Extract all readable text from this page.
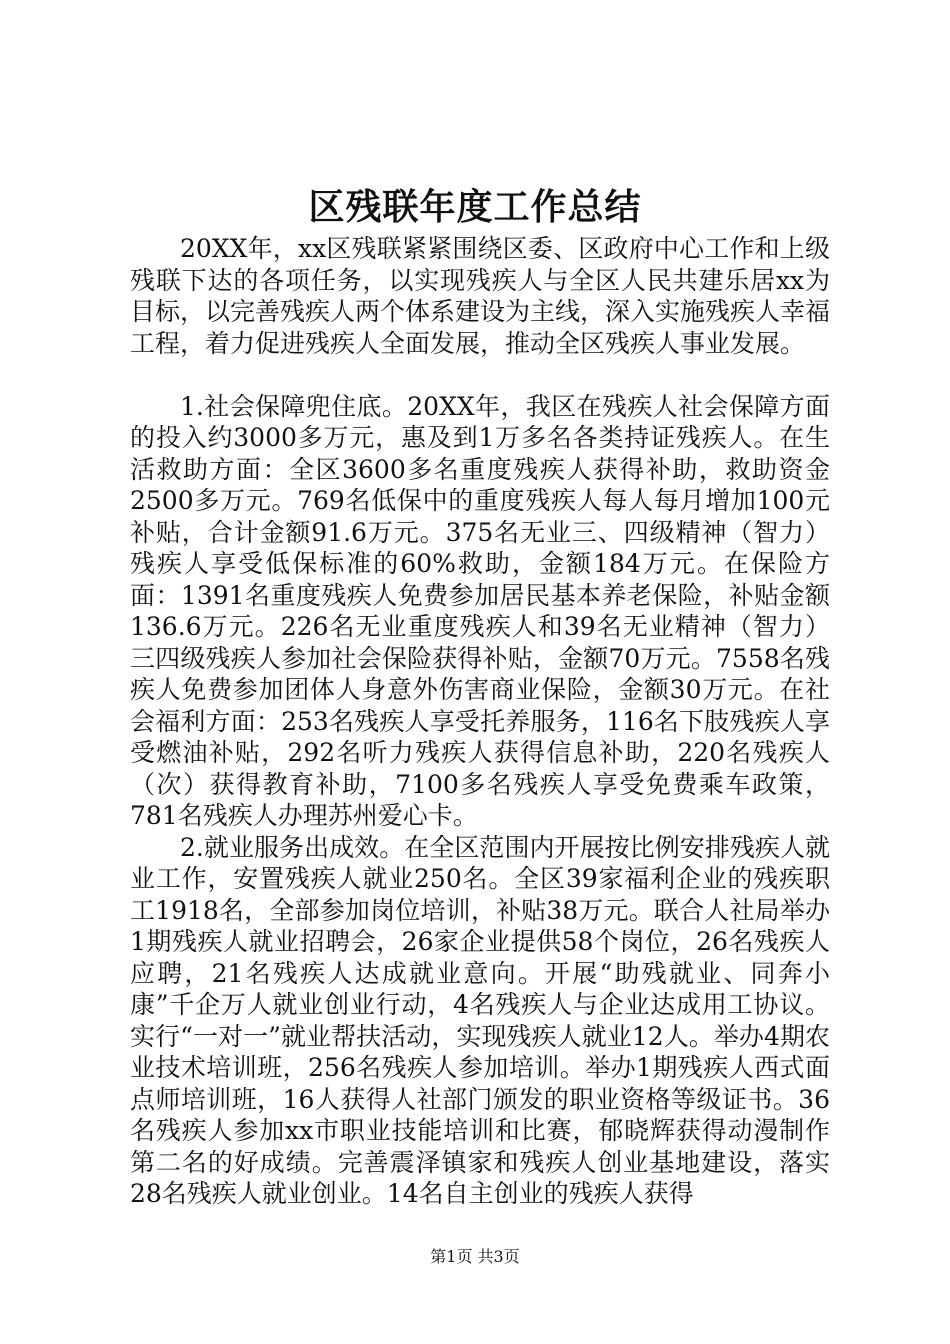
区残联年度工作总结

20XX年，xx区残联紧紧围绕区委、区政府中心工作和上级残联下达的各项任务，以实现残疾人与全区人民共建乐居xx为目标，以完善残疾人两个体系建设为主线，深入实施残疾人幸福工程，着力促进残疾人全面发展，推动全区残疾人事业发展。

1.社会保障兜住底。20XX年，我区在残疾人社会保障方面的投入约3000多万元，惠及到1万多名各类持证残疾人。在生活救助方面：全区3600多名重度残疾人获得补助，救助资金2500多万元。769名低保中的重度残疾人每人每月增加100元补贴，合计金额91.6万元。375名无业三、四级精神（智力）残疾人享受低保标准的60%救助，金额184万元。在保险方面：1391名重度残疾人免费参加居民基本养老保险，补贴金额136.6万元。226名无业重度残疾人和39名无业精神（智力）三四级残疾人参加社会保险获得补贴，金额70万元。7558名残疾人免费参加团体人身意外伤害商业保险，金额30万元。在社会福利方面：253名残疾人享受托养服务，116名下肢残疾人享受燃油补贴，292名听力残疾人获得信息补助，220名残疾人（次）获得教育补助，7100多名残疾人享受免费乘车政策，781名残疾人办理苏州爱心卡。

2.就业服务出成效。在全区范围内开展按比例安排残疾人就业工作，安置残疾人就业250名。全区39家福利企业的残疾职工1918名，全部参加岗位培训，补贴38万元。联合人社局举办1期残疾人就业招聘会，26家企业提供58个岗位，26名残疾人应聘，21名残疾人达成就业意向。开展“助残就业、同奔小康”千企万人就业创业行动，4名残疾人与企业达成用工协议。实行“一对一”就业帮扶活动，实现残疾人就业12人。举办4期农业技术培训班，256名残疾人参加培训。举办1期残疾人西式面点师培训班，16人获得人社部门颁发的职业资格等级证书。36名残疾人参加xx市职业技能培训和比赛，郁晓辉获得动漫制作第二名的好成绩。完善震泽镇家和残疾人创业基地建设，落实28名残疾人就业创业。14名自主创业的残疾人获得

第1页 共3页
